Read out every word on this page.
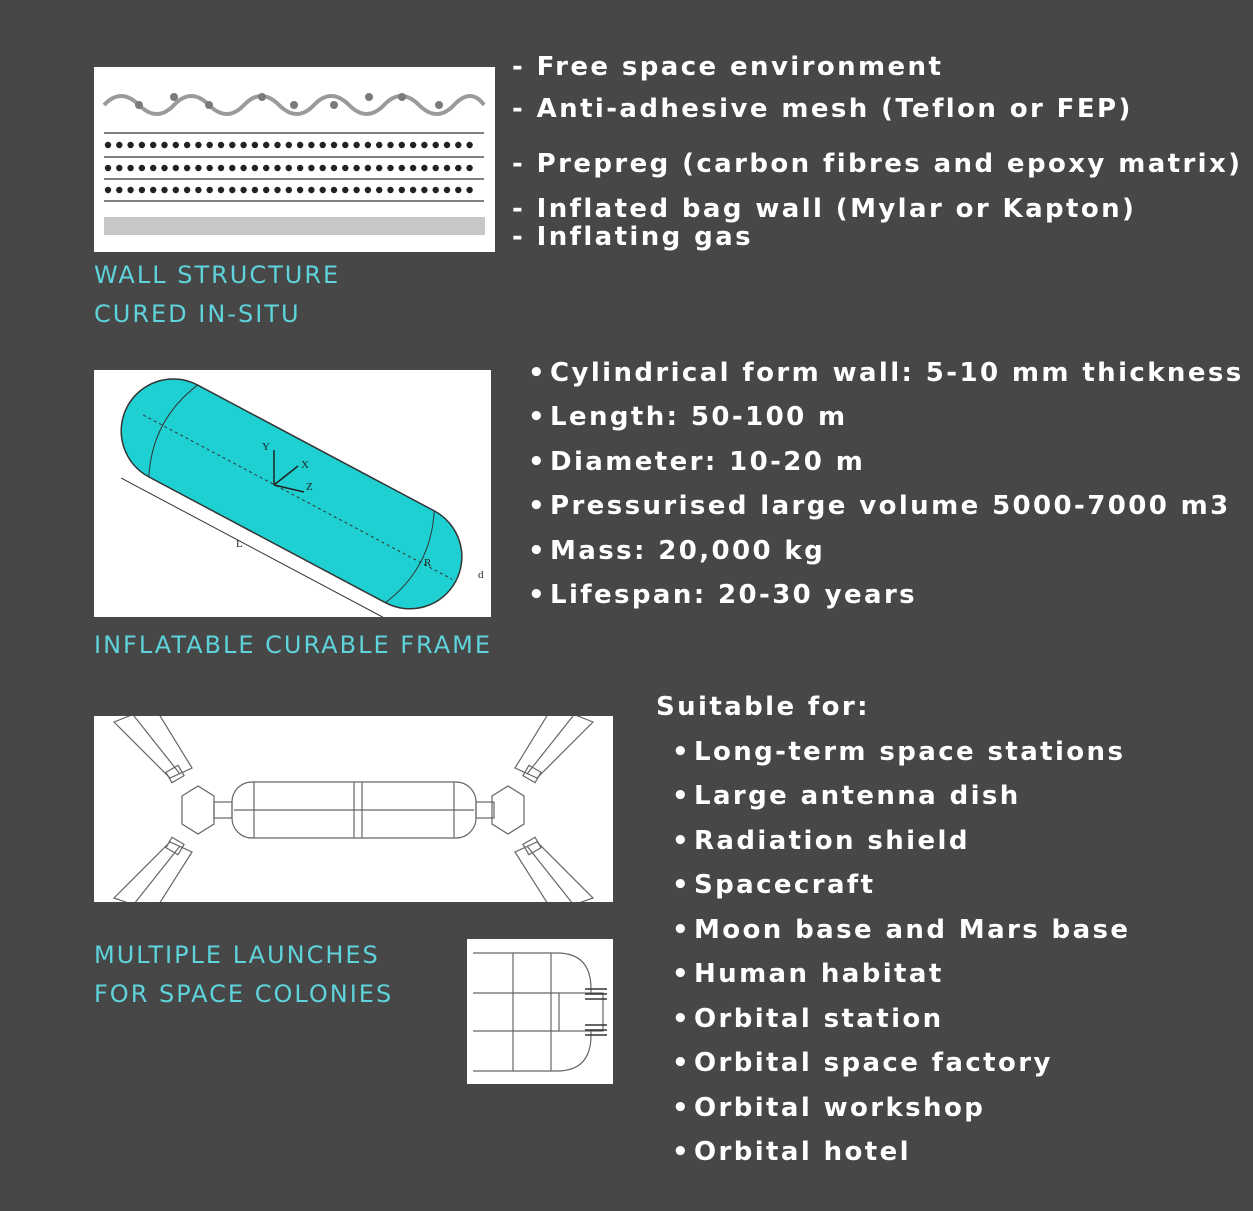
- Free space environment
- Anti-adhesive mesh (Teflon or FEP)
- Prepreg (carbon fibres and epoxy matrix)
- Inflated bag wall (Mylar or Kapton)
- Inflating gas
WALL STRUCTURE
CURED IN-SITU
Y
X
Z
L
R
d
• Cylindrical form wall: 5-10 mm thickness
• Length: 50-100 m
• Diameter: 10-20 m
• Pressurised large volume 5000-7000 m3
• Mass: 20,000 kg
• Lifespan: 20-30 years
INFLATABLE CURABLE FRAME
MULTIPLE LAUNCHES
FOR SPACE COLONIES
Suitable for:
• Long-term space stations
• Large antenna dish
• Radiation shield
• Spacecraft
• Moon base and Mars base
• Human habitat
• Orbital station
• Orbital space factory
• Orbital workshop
• Orbital hotel
